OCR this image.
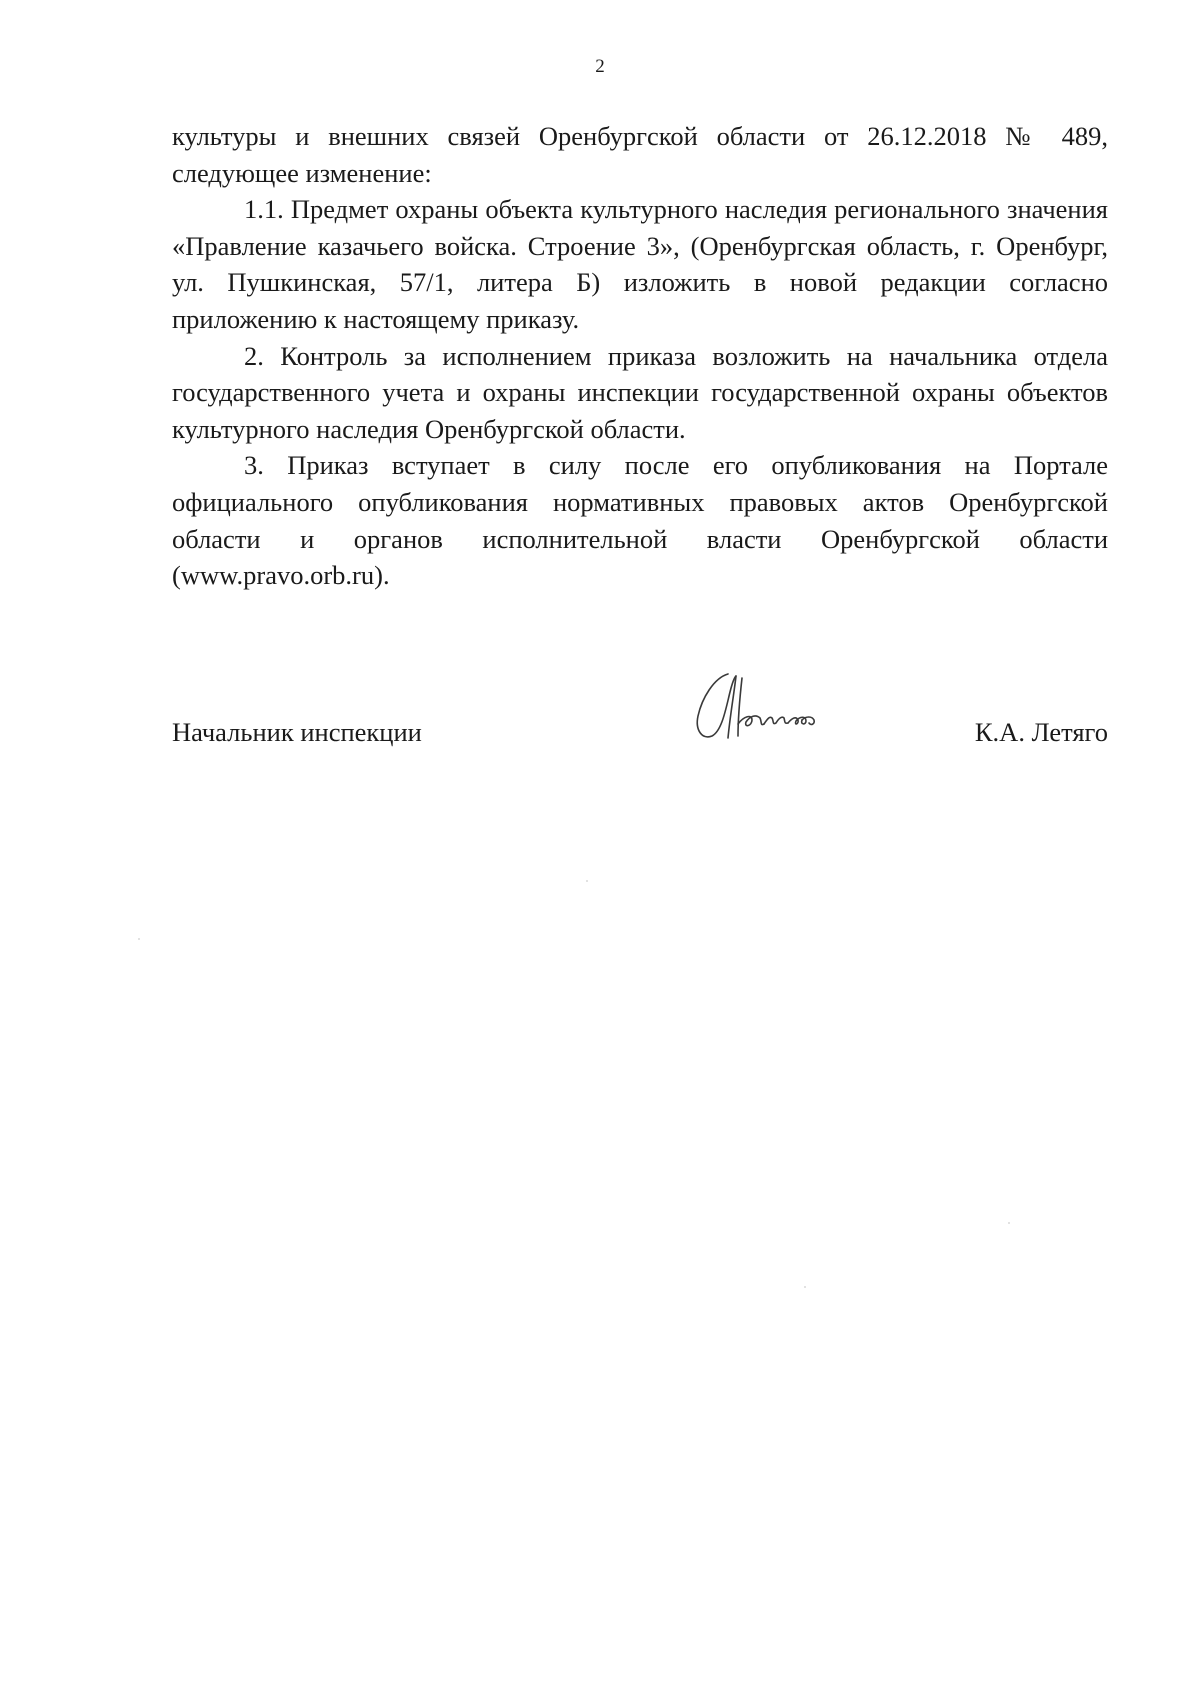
2

культуры и внешних связей Оренбургской области от 26.12.2018 № 489, следующее изменение:

1.1. Предмет охраны объекта культурного наследия регионального значения «Правление казачьего войска. Строение 3», (Оренбургская область, г. Оренбург, ул. Пушкинская, 57/1, литера Б) изложить в новой редакции согласно приложению к настоящему приказу.

2. Контроль за исполнением приказа возложить на начальника отдела государственного учета и охраны инспекции государственной охраны объектов культурного наследия Оренбургской области.

3. Приказ вступает в силу после его опубликования на Портале официального опубликования нормативных правовых актов Оренбургской области и органов исполнительной власти Оренбургской области (www.pravo.orb.ru).

Начальник инспекции	К.А. Летяго
